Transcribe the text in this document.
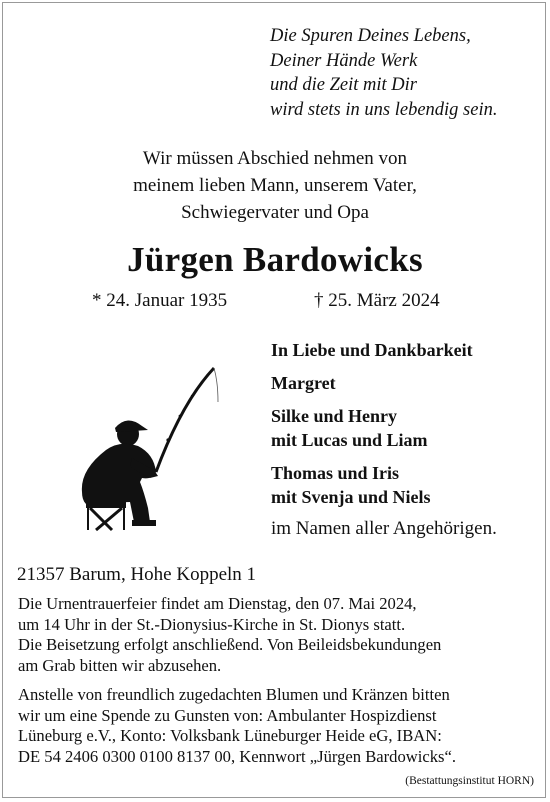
Die Spuren Deines Lebens,
Deiner Hände Werk
und die Zeit mit Dir
wird stets in uns lebendig sein.
Wir müssen Abschied nehmen von
meinem lieben Mann, unserem Vater,
Schwiegervater und Opa
Jürgen Bardowicks
* 24. Januar 1935	† 25. März 2024
In Liebe und Dankbarkeit
Margret
Silke und Henry
mit Lucas und Liam
Thomas und Iris
mit Svenja und Niels
im Namen aller Angehörigen.
21357 Barum, Hohe Koppeln 1
Die Urnentrauerfeier findet am Dienstag, den 07. Mai 2024,
um 14 Uhr in der St.-Dionysius-Kirche in St. Dionys statt.
Die Beisetzung erfolgt anschließend. Von Beileidsbekundungen
am Grab bitten wir abzusehen.
Anstelle von freundlich zugedachten Blumen und Kränzen bitten
wir um eine Spende zu Gunsten von: Ambulanter Hospizdienst
Lüneburg e.V., Konto: Volksbank Lüneburger Heide eG, IBAN:
DE 54 2406 0300 0100 8137 00, Kennwort „Jürgen Bardowicks“.
(Bestattungsinstitut HORN)
